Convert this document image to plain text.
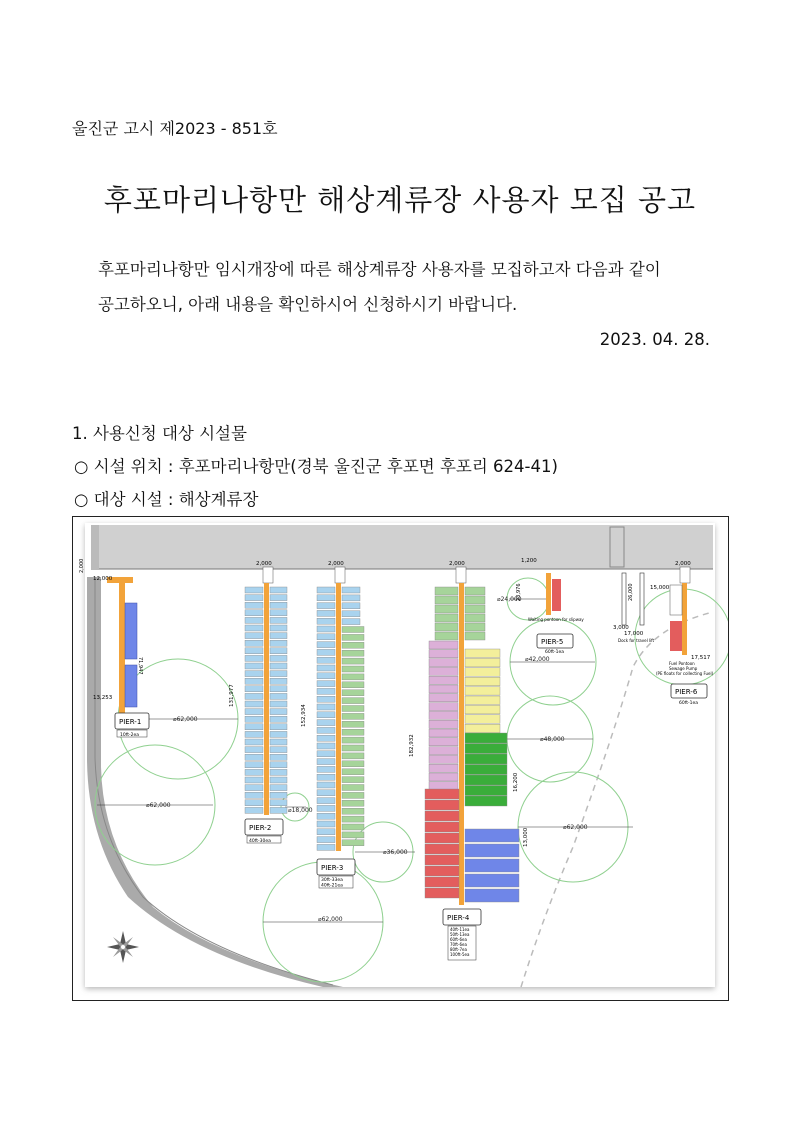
울진군 고시 제2023 - 851호
후포마리나항만 해상계류장 사용자 모집 공고
후포마리나항만 임시개장에 따른 해상계류장 사용자를 모집하고자 다음과 같이
공고하오니, 아래 내용을 확인하시어 신청하시기 바랍니다.
2023. 04. 28.
1. 사용신청 대상 시설물
○ 시설 위치 : 후포마리나항만(경북 울진군 후포면 후포리 624-41)
○ 대상 시설 : 해상계류장
⌀62,000
⌀62,000
⌀62,000
⌀36,000
⌀18,000
⌀24,000
⌀42,000
⌀48,000
⌀62,000
12,000
2,000
71,947
13,253
PIER-1
10ft-2ea
2,000
131,977
PIER-2
40ft-30ea
2,000
152,934
PIER-3
30ft-33ea
40ft-21ea
2,000
182,932
16,200
13,000
PIER-4
40ft-11ea
50ft-13ea
60ft-6ea
70ft-6ea
80ft-7ea
100ft-5ea
1,200
23,976
Waiting pontoon for slipway
PIER-5
60ft-1ea
26,000
3,000
17,000
Dock for travel lift
2,000
15,000
17,517
Fuel Pontoon
Sewage Pump
(PE floats for collecting Fuel)
PIER-6
60ft-1ea
